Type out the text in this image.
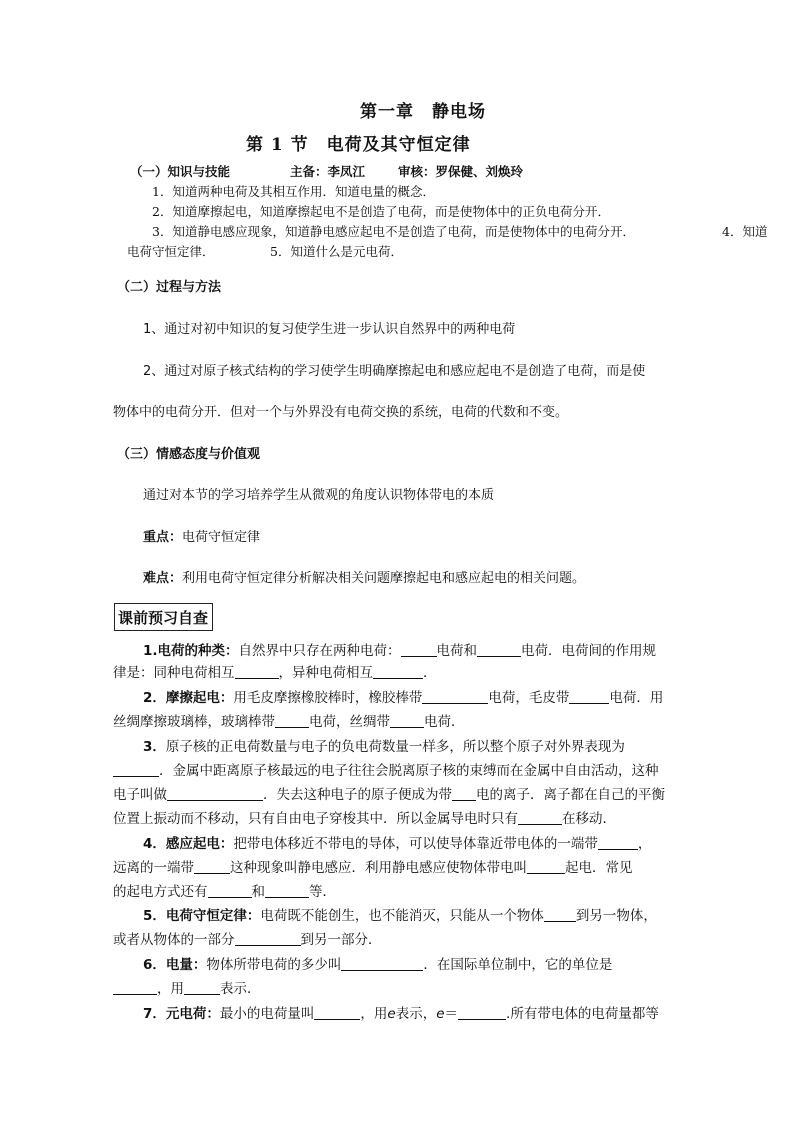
第一章　静电场
第 1 节　电荷及其守恒定律
（一）知识与技能	主备：李凤江	审核：罗保健、刘焕玲
1．知道两种电荷及其相互作用．知道电量的概念．
2．知道摩擦起电，知道摩擦起电不是创造了电荷，而是使物体中的正负电荷分开．
3．知道静电感应现象，知道静电感应起电不是创造了电荷，而是使物体中的电荷分开．	4．知道
电荷守恒定律．	5．知道什么是元电荷．
（二）过程与方法
1、通过对初中知识的复习使学生进一步认识自然界中的两种电荷
2、通过对原子核式结构的学习使学生明确摩擦起电和感应起电不是创造了电荷，而是使
物体中的电荷分开．但对一个与外界没有电荷交换的系统，电荷的代数和不变。
（三）情感态度与价值观
通过对本节的学习培养学生从微观的角度认识物体带电的本质
重点：电荷守恒定律
难点：利用电荷守恒定律分析解决相关问题摩擦起电和感应起电的相关问题。
课前预习自查
1.电荷的种类：自然界中只存在两种电荷：	电荷和	电荷．电荷间的作用规
律是：同种电荷相互	，异种电荷相互	．
2．摩擦起电：用毛皮摩擦橡胶棒时，橡胶棒带	电荷，毛皮带	电荷．用
丝绸摩擦玻璃棒，玻璃棒带	电荷，丝绸带	电荷．
3．原子核的正电荷数量与电子的负电荷数量一样多，所以整个原子对外界表现为
．金属中距离原子核最远的电子往往会脱离原子核的束缚而在金属中自由活动，这种
电子叫做	．失去这种电子的原子便成为带 电的离子．离子都在自己的平衡
位置上振动而不移动，只有自由电子穿梭其中．所以金属导电时只有	在移动．
4．感应起电：把带电体移近不带电的导体，可以使导体靠近带电体的一端带	，
远离的一端带	这种现象叫静电感应．利用静电感应使物体带电叫	起电．常见
的起电方式还有	和	等．
5．电荷守恒定律：电荷既不能创生，也不能消灭，只能从一个物体 到另一物体，
或者从物体的一部分	到另一部分．
6．电量：物体所带电荷的多少叫	．在国际单位制中，它的单位是
，用	表示．
7．元电荷：最小的电荷量叫	，用e表示，e＝	.所有带电体的电荷量都等
